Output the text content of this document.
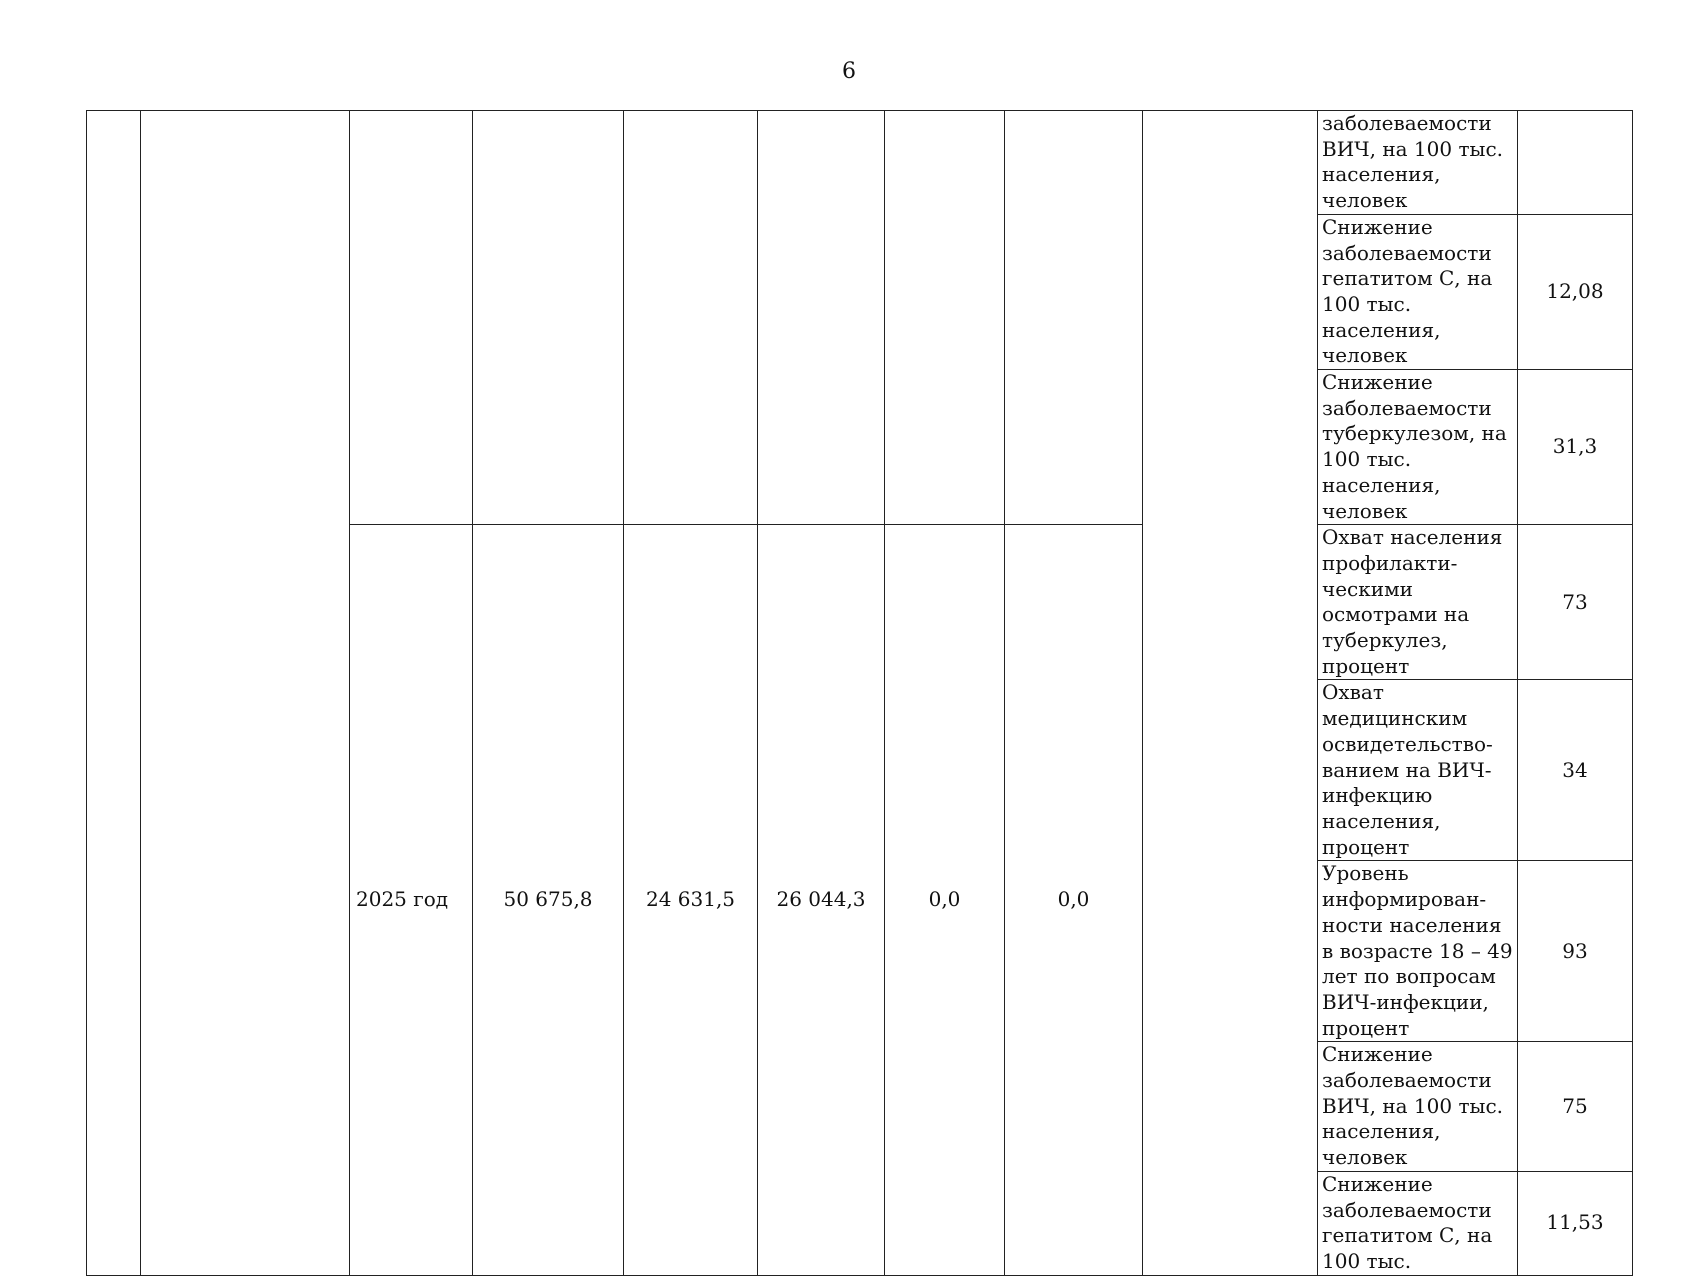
6

									заболеваемости ВИЧ, на 100 тыс. населения, человек	

									Снижение заболеваемости гепатитом С, на 100 тыс. населения, человек	12,08

									Снижение заболеваемости туберкулезом, на 100 тыс. населения, человек	31,3
		2025 год	50 675,8	24 631,5	26 044,3	0,0	0,0		Охват населения профилакти-ческими осмотрами на туберкулез, процент	73

									Охват медицинским освидетельство-ванием на ВИЧ-инфекцию населения, процент	34

									Уровень информирован-ности населения в возрасте 18 – 49 лет по вопросам ВИЧ-инфекции, процент	93

									Снижение заболеваемости ВИЧ, на 100 тыс. населения, человек	75

									Снижение заболеваемости гепатитом С, на 100 тыс.	11,53
